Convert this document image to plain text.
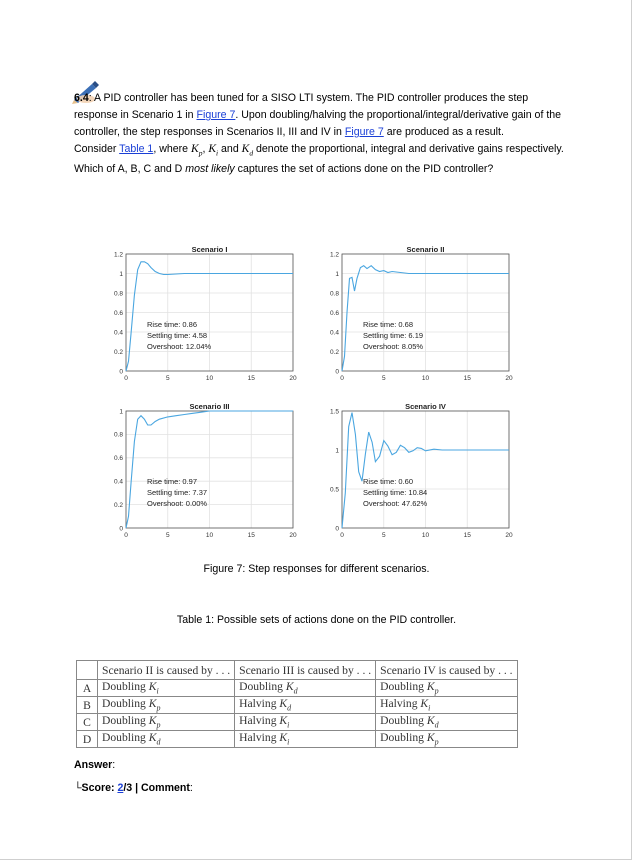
6.4: A PID controller has been tuned for a SISO LTI system. The PID controller produces the step response in Scenario 1 in Figure 7. Upon doubling/halving the proportional/integral/derivative gain of the controller, the step responses in Scenarios II, III and IV in Figure 7 are produced as a result.
Consider Table 1, where $K_p$, $K_i$ and $K_d$ denote the proportional, integral and derivative gains respectively. Which of A, B, C and D most likely captures the set of actions done on the PID controller?
0	5	10	15	20
0
0.2
0.4
0.6
0.8
1
1.2
Scenario I
Rise time: 0.86
Settling time: 4.58
Overshoot: 12.04%
0	5	10	15	20
0
0.2
0.4
0.6
0.8
1
1.2
Scenario II
Rise time: 0.68
Settling time: 6.19
Overshoot: 8.05%
0	5	10	15	20
0
0.2
0.4
0.6
0.8
1
Scenario III
Rise time: 0.97
Settling time: 7.37
Overshoot: 0.00%
0	5	10	15	20
0
0.5
1
1.5
Scenario IV
Rise time: 0.60
Settling time: 10.84
Overshoot: 47.62%
Figure 7: Step responses for different scenarios.
Table 1: Possible sets of actions done on the PID controller.
	Scenario II is caused by . . .	Scenario III is caused by . . .	Scenario IV is caused by . . .
A	Doubling $K_i$	Doubling $K_d$	Doubling $K_p$
B	Doubling $K_p$	Halving $K_d$	Halving $K_i$
C	Doubling $K_p$	Halving $K_i$	Doubling $K_d$
D	Doubling $K_d$	Halving $K_i$	Doubling $K_p$
Answer:
└Score: 2/3 | Comment:
